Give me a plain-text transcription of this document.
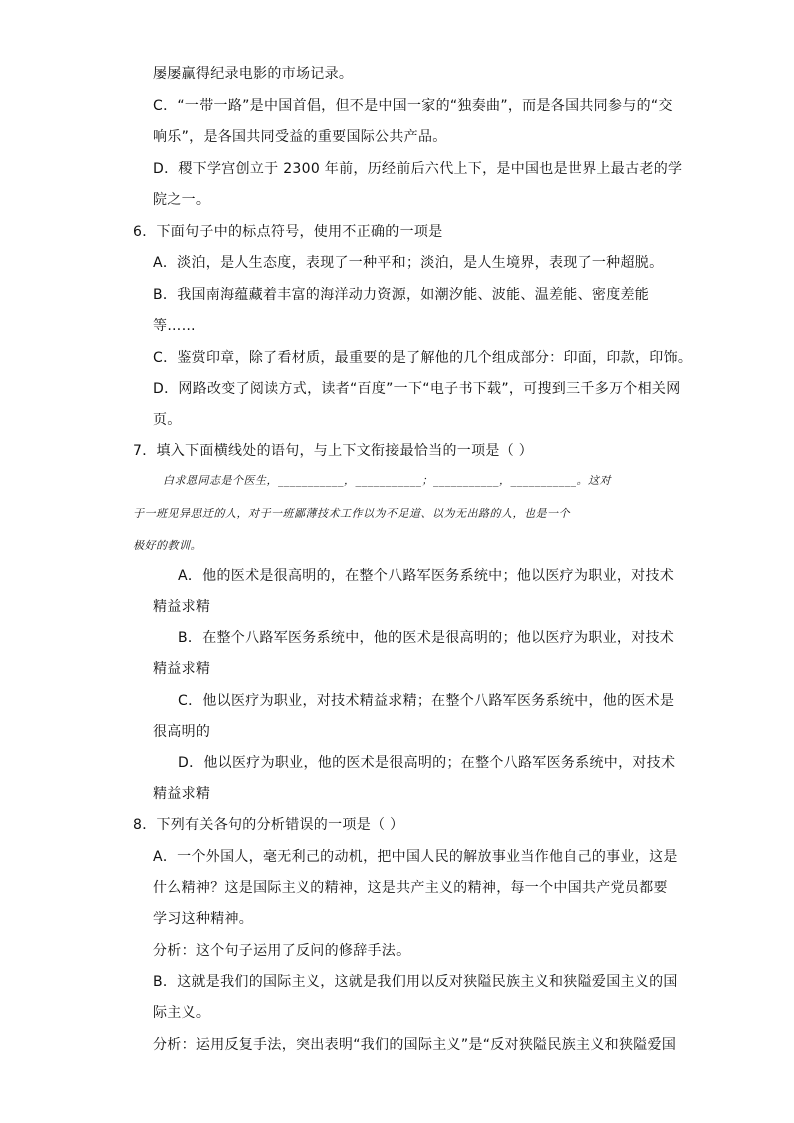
屡屡赢得纪录电影的市场记录。
C．“一带一路”是中国首倡，但不是中国一家的“独奏曲”，而是各国共同参与的“交
响乐”，是各国共同受益的重要国际公共产品。
D．稷下学宫创立于 2300 年前，历经前后六代上下，是中国也是世界上最古老的学
院之一。
6．下面句子中的标点符号，使用不正确的一项是
A．淡泊，是人生态度，表现了一种平和；淡泊，是人生境界，表现了一种超脱。
B．我国南海蕴藏着丰富的海洋动力资源，如潮汐能、波能、温差能、密度差能
等……
C．鉴赏印章，除了看材质，最重要的是了解他的几个组成部分：印面，印款，印饰。
D．网路改变了阅读方式，读者“百度”一下“电子书下载”，可搜到三千多万个相关网
页。
7．填入下面横线处的语句，与上下文衔接最恰当的一项是（ ）
白求恩同志是个医生，___________，___________；___________，___________。这对
于一班见异思迁的人，对于一班鄙薄技术工作以为不足道、以为无出路的人，也是一个
极好的教训。
A．他的医术是很高明的，在整个八路军医务系统中；他以医疗为职业，对技术
精益求精
B．在整个八路军医务系统中，他的医术是很高明的；他以医疗为职业，对技术
精益求精
C．他以医疗为职业，对技术精益求精；在整个八路军医务系统中，他的医术是
很高明的
D．他以医疗为职业，他的医术是很高明的；在整个八路军医务系统中，对技术
精益求精
8．下列有关各句的分析错误的一项是（ ）
A．一个外国人，毫无利己的动机，把中国人民的解放事业当作他自己的事业，这是
什么精神？这是国际主义的精神，这是共产主义的精神，每一个中国共产党员都要
学习这种精神。
分析：这个句子运用了反问的修辞手法。
B．这就是我们的国际主义，这就是我们用以反对狭隘民族主义和狭隘爱国主义的国
际主义。
分析：运用反复手法，突出表明“我们的国际主义”是“反对狭隘民族主义和狭隘爱国
